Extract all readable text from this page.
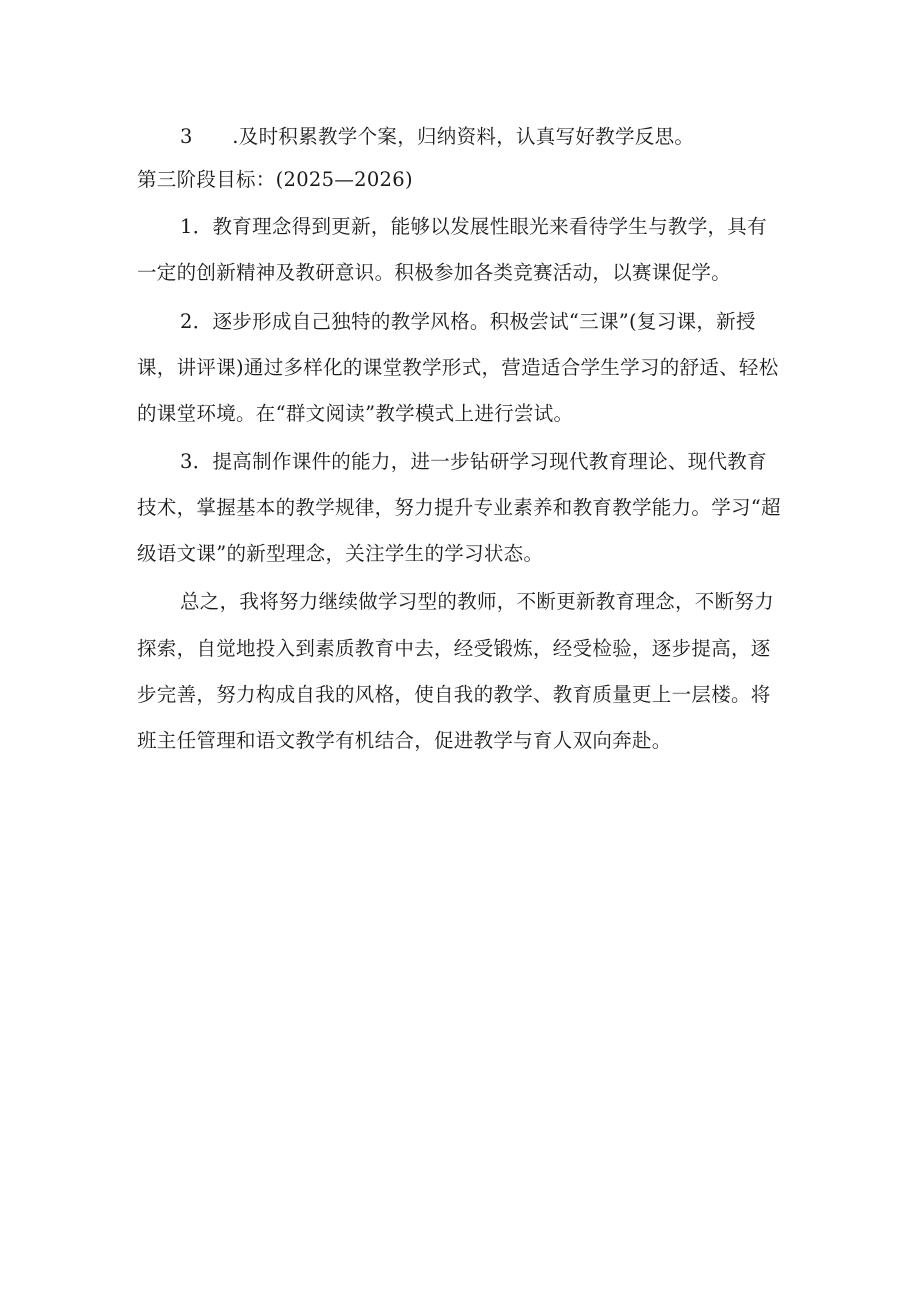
3　　.及时积累教学个案，归纳资料，认真写好教学反思。
第三阶段目标：(2025—2026)
1．教育理念得到更新，能够以发展性眼光来看待学生与教学，具有
一定的创新精神及教研意识。积极参加各类竞赛活动，以赛课促学。
2．逐步形成自己独特的教学风格。积极尝试“三课”(复习课，新授
课，讲评课)通过多样化的课堂教学形式，营造适合学生学习的舒适、轻松
的课堂环境。在“群文阅读”教学模式上进行尝试。
3．提高制作课件的能力，进一步钻研学习现代教育理论、现代教育
技术，掌握基本的教学规律，努力提升专业素养和教育教学能力。学习“超
级语文课”的新型理念，关注学生的学习状态。
总之，我将努力继续做学习型的教师，不断更新教育理念，不断努力
探索，自觉地投入到素质教育中去，经受锻炼，经受检验，逐步提高，逐
步完善，努力构成自我的风格，使自我的教学、教育质量更上一层楼。将
班主任管理和语文教学有机结合，促进教学与育人双向奔赴。
